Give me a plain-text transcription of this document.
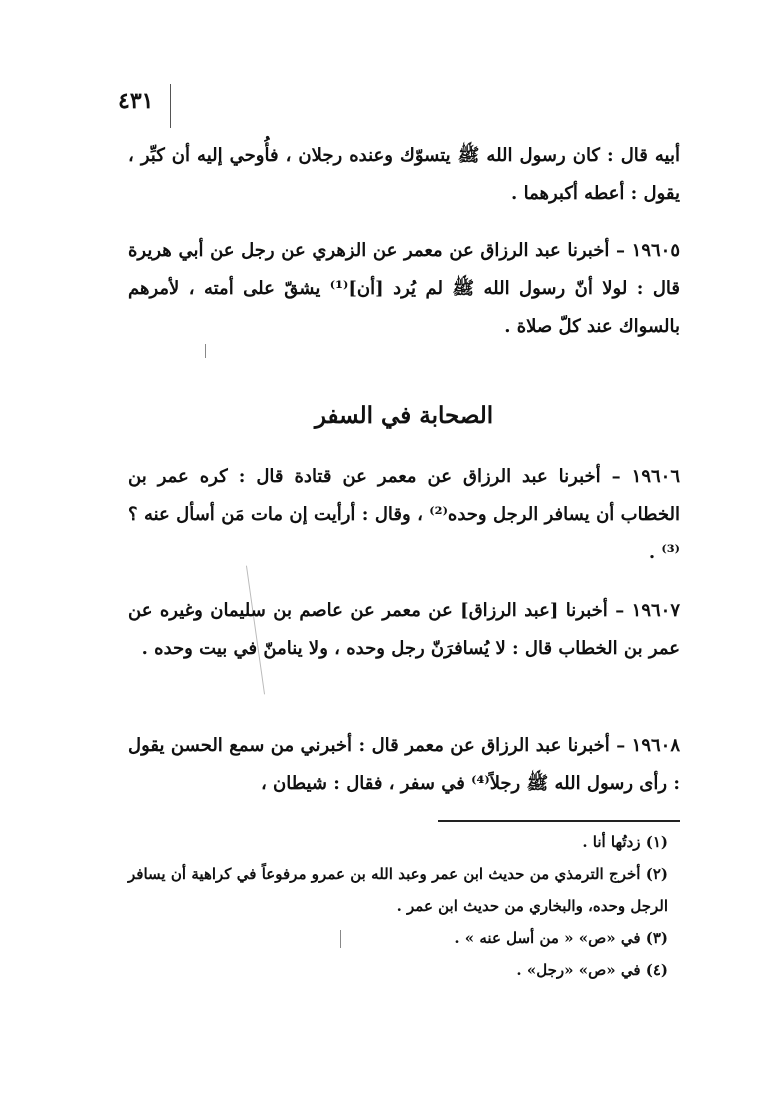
٤٣١
أبيه قال : كان رسول الله ﷺ يتسوّك وعنده رجلان ، فأُوحي إليه أن كبِّر ، يقول : أعطه أكبرهما .
١٩٦٠٥ – أخبرنا عبد الرزاق عن معمر عن الزهري عن رجل عن أبي هريرة قال : لولا أنّ رسول الله ﷺ لم يُرد [أن]⁽¹⁾ يشقّ على أمته ، لأمرهم بالسواك عند كلّ صلاة .
الصحابة في السفر
١٩٦٠٦ – أخبرنا عبد الرزاق عن معمر عن قتادة قال : كره عمر بن الخطاب أن يسافر الرجل وحده⁽²⁾ ، وقال : أرأيت إن مات مَن أسأل عنه ؟⁽³⁾ .
١٩٦٠٧ – أخبرنا [عبد الرزاق] عن معمر عن عاصم بن سليمان وغيره عن عمر بن الخطاب قال : لا يُسافرَنّ رجل وحده ، ولا ينامنّ في بيت وحده .
١٩٦٠٨ – أخبرنا عبد الرزاق عن معمر قال : أخبرني من سمع الحسن يقول : رأى رسول الله ﷺ رجلاً⁽⁴⁾ في سفر ، فقال : شيطان ،
(١) زدتُها أنا .
(٢) أخرج الترمذي من حديث ابن عمر وعبد الله بن عمرو مرفوعاً في كراهية أن يسافر الرجل وحده، والبخاري من حديث ابن عمر .
(٣) في «ص» « من أسل عنه » .
(٤) في «ص» «رجل» .
